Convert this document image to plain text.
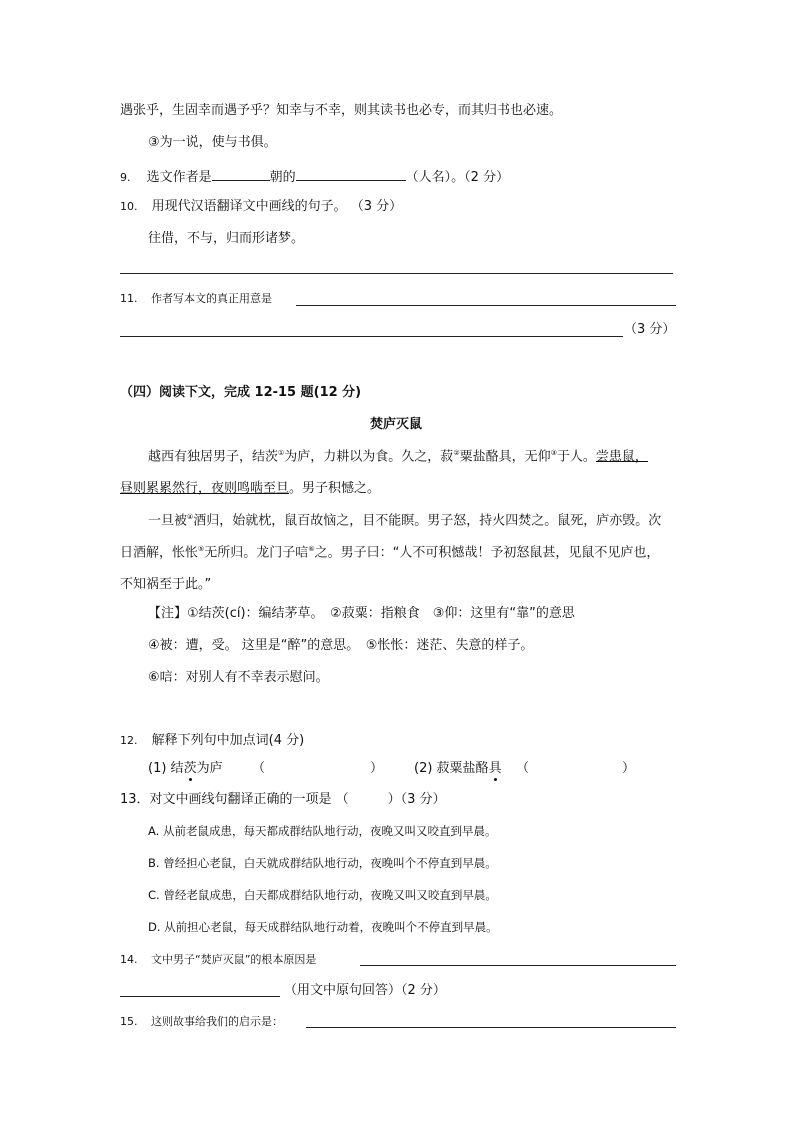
遇张乎，生固幸而遇予乎？知幸与不幸，则其读书也必专，而其归书也必速。
③为一说，使与书俱。
9. 选文作者是	朝的	（人名）。（2 分）
10. 用现代汉语翻译文中画线的句子。 （3 分）
往借，不与，归而形诸梦。
11. 作者写本文的真正用意是
（3 分）
（四）阅读下文，完成 12-15 题(12 分)
焚庐灭鼠
越西有独居男子，结茨①为庐，力耕以为食。久之，菽②粟盐酪具，无仰③于人。尝患鼠，
昼则累累然行，夜则鸣啮至旦。男子积憾之。
一旦被④酒归，始就枕，鼠百故恼之，目不能瞑。男子怒，持火四焚之。鼠死，庐亦毁。次
日酒解，怅怅⑤无所归。龙门子唁⑥之。男子曰：“人不可积憾哉！予初怒鼠甚，见鼠不见庐也，
不知祸至于此。”
【注】①结茨(cí)：编结茅草。　②菽粟：指粮食　③仰：这里有“靠”的意思
④被：遭，受。 这里是“醉”的意思。　⑤怅怅：迷茫、失意的样子。
⑥唁：对别人有不幸表示慰问。
12. 解释下列句中加点词(4 分)
(1) 结茨为庐 （	） (2) 菽粟盐酪具 （	）
13．对文中画线句翻译正确的一项是 （　　　）（3 分）
A. 从前老鼠成患，每天都成群结队地行动，夜晚又叫又咬直到早晨。
B. 曾经担心老鼠，白天就成群结队地行动，夜晚叫个不停直到早晨。
C. 曾经老鼠成患，白天都成群结队地行动，夜晚又叫又咬直到早晨。
D. 从前担心老鼠，每天成群结队地行动着，夜晚叫个不停直到早晨。
14. 文中男子“焚庐灭鼠”的根本原因是
（用文中原句回答）（2 分）
15. 这则故事给我们的启示是：
